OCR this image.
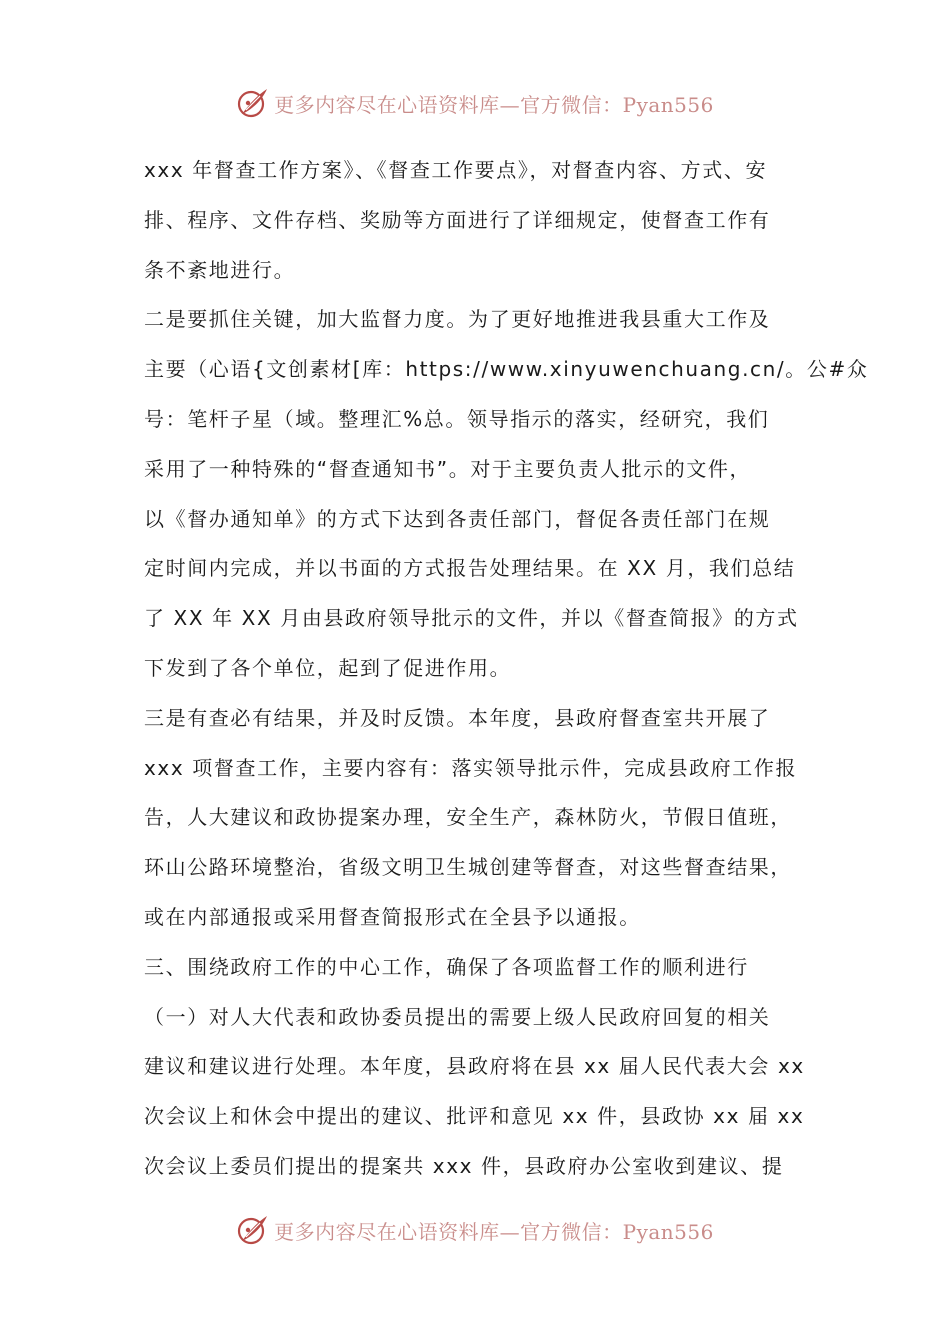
更多内容尽在心语资料库—官方微信：Pyan556

xxx 年督查工作方案》、《督查工作要点》，对督查内容、方式、安

排、程序、文件存档、奖励等方面进行了详细规定，使督查工作有

条不紊地进行。

二是要抓住关键，加大监督力度。为了更好地推进我县重大工作及

主要（心语{文创素材[库：https://www.xinyuwenchuang.cn/。公#众

号：笔杆子星（域。整理汇%总。领导指示的落实，经研究，我们

采用了一种特殊的“督查通知书”。对于主要负责人批示的文件，

以《督办通知单》的方式下达到各责任部门，督促各责任部门在规

定时间内完成，并以书面的方式报告处理结果。在 XX 月，我们总结

了 XX 年 XX 月由县政府领导批示的文件，并以《督查简报》的方式

下发到了各个单位，起到了促进作用。

三是有查必有结果，并及时反馈。本年度，县政府督查室共开展了

xxx 项督查工作，主要内容有：落实领导批示件，完成县政府工作报

告，人大建议和政协提案办理，安全生产，森林防火，节假日值班，

环山公路环境整治，省级文明卫生城创建等督查，对这些督查结果，

或在内部通报或采用督查简报形式在全县予以通报。

三、围绕政府工作的中心工作，确保了各项监督工作的顺利进行

（一）对人大代表和政协委员提出的需要上级人民政府回复的相关

建议和建议进行处理。本年度，县政府将在县 xx 届人民代表大会 xx

次会议上和休会中提出的建议、批评和意见 xx 件，县政协 xx 届 xx

次会议上委员们提出的提案共 xxx 件，县政府办公室收到建议、提

更多内容尽在心语资料库—官方微信：Pyan556
